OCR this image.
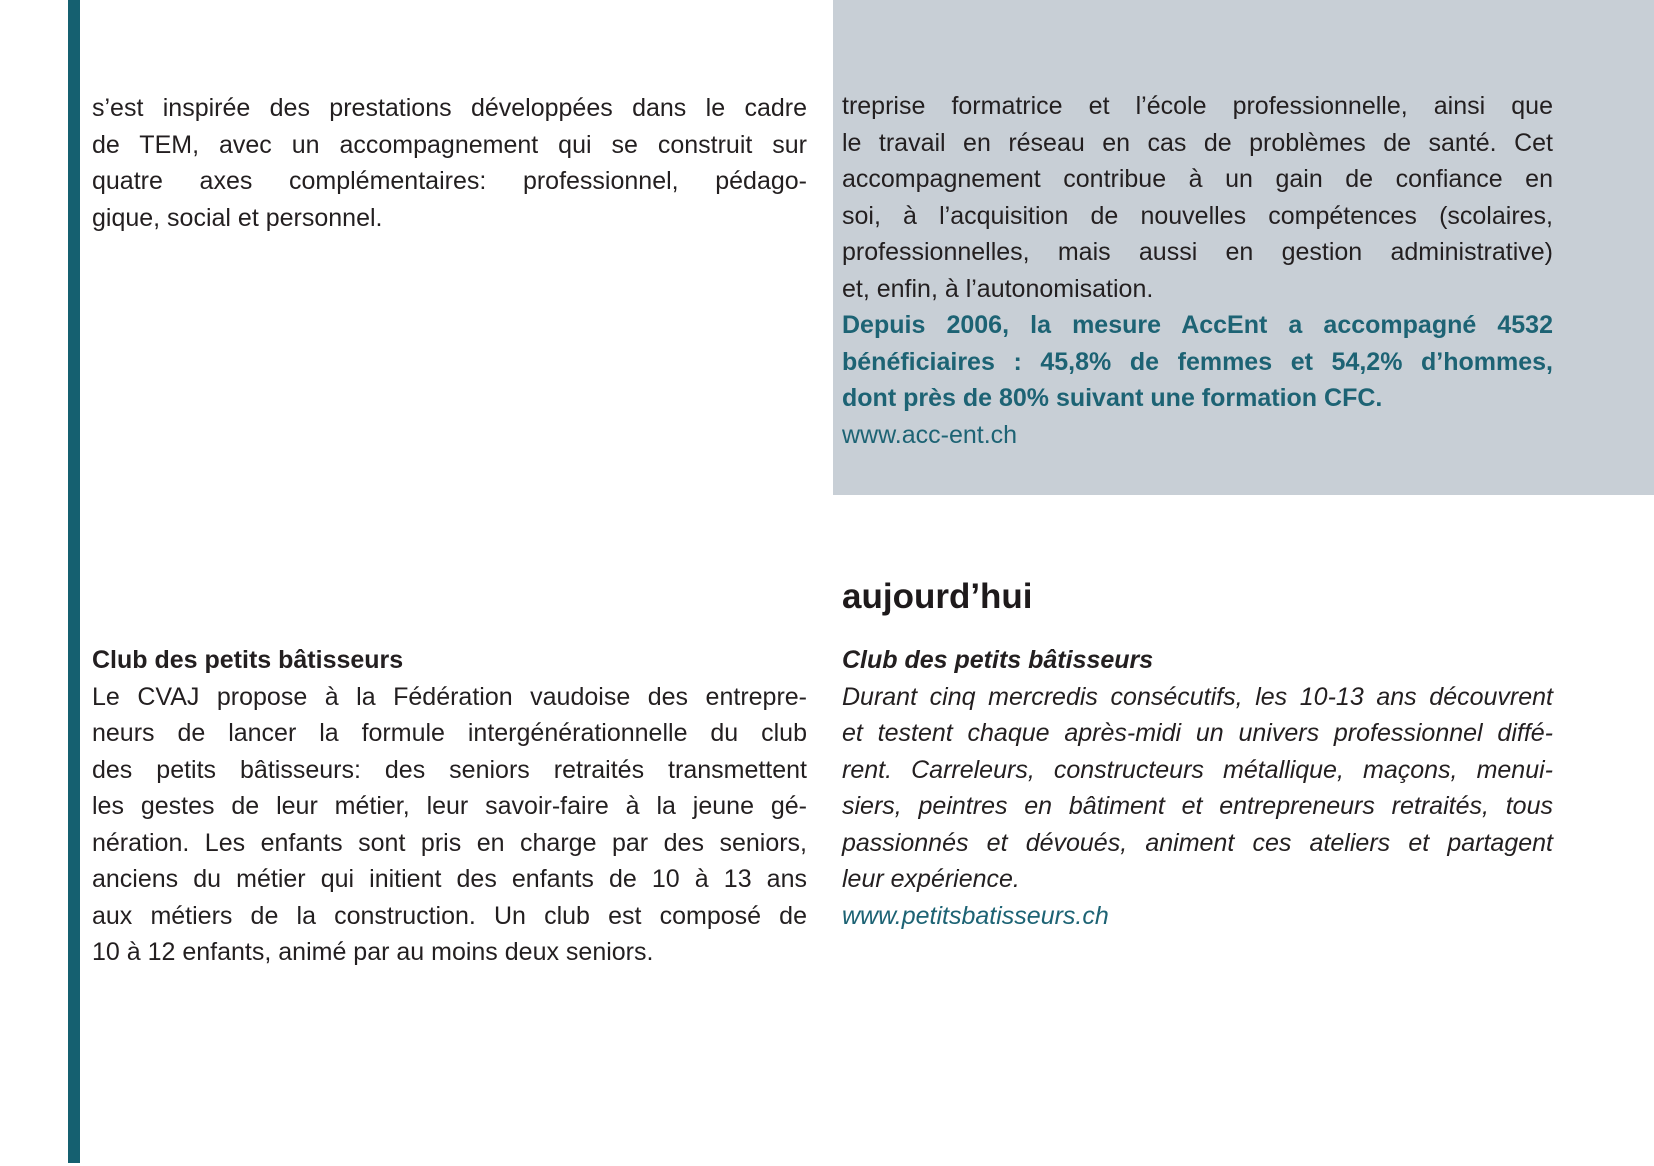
s’est inspirée des prestations développées dans le cadre
de TEM, avec un accompagnement qui se construit sur
quatre axes complémentaires: professionnel, pédago-
gique, social et personnel.
treprise formatrice et l’école professionnelle, ainsi que
le travail en réseau en cas de problèmes de santé. Cet
accompagnement contribue à un gain de confiance en
soi, à l’acquisition de nouvelles compétences (scolaires,
professionnelles, mais aussi en gestion administrative)
et, enfin, à l’autonomisation.
Depuis 2006, la mesure AccEnt a accompagné 4532
bénéficiaires : 45,8% de femmes et 54,2% d’hommes,
dont près de 80% suivant une formation CFC.
www.acc-ent.ch
aujourd’hui
Club des petits bâtisseurs
Le CVAJ propose à la Fédération vaudoise des entrepre-
neurs de lancer la formule intergénérationnelle du club
des petits bâtisseurs: des seniors retraités transmettent
les gestes de leur métier, leur savoir-faire à la jeune gé-
nération. Les enfants sont pris en charge par des seniors,
anciens du métier qui initient des enfants de 10 à 13 ans
aux métiers de la construction. Un club est composé de
10 à 12 enfants, animé par au moins deux seniors.
Club des petits bâtisseurs
Durant cinq mercredis consécutifs, les 10-13 ans découvrent
et testent chaque après-midi un univers professionnel diffé-
rent. Carreleurs, constructeurs métallique, maçons, menui-
siers, peintres en bâtiment et entrepreneurs retraités, tous
passionnés et dévoués, animent ces ateliers et partagent
leur expérience.
www.petitsbatisseurs.ch
